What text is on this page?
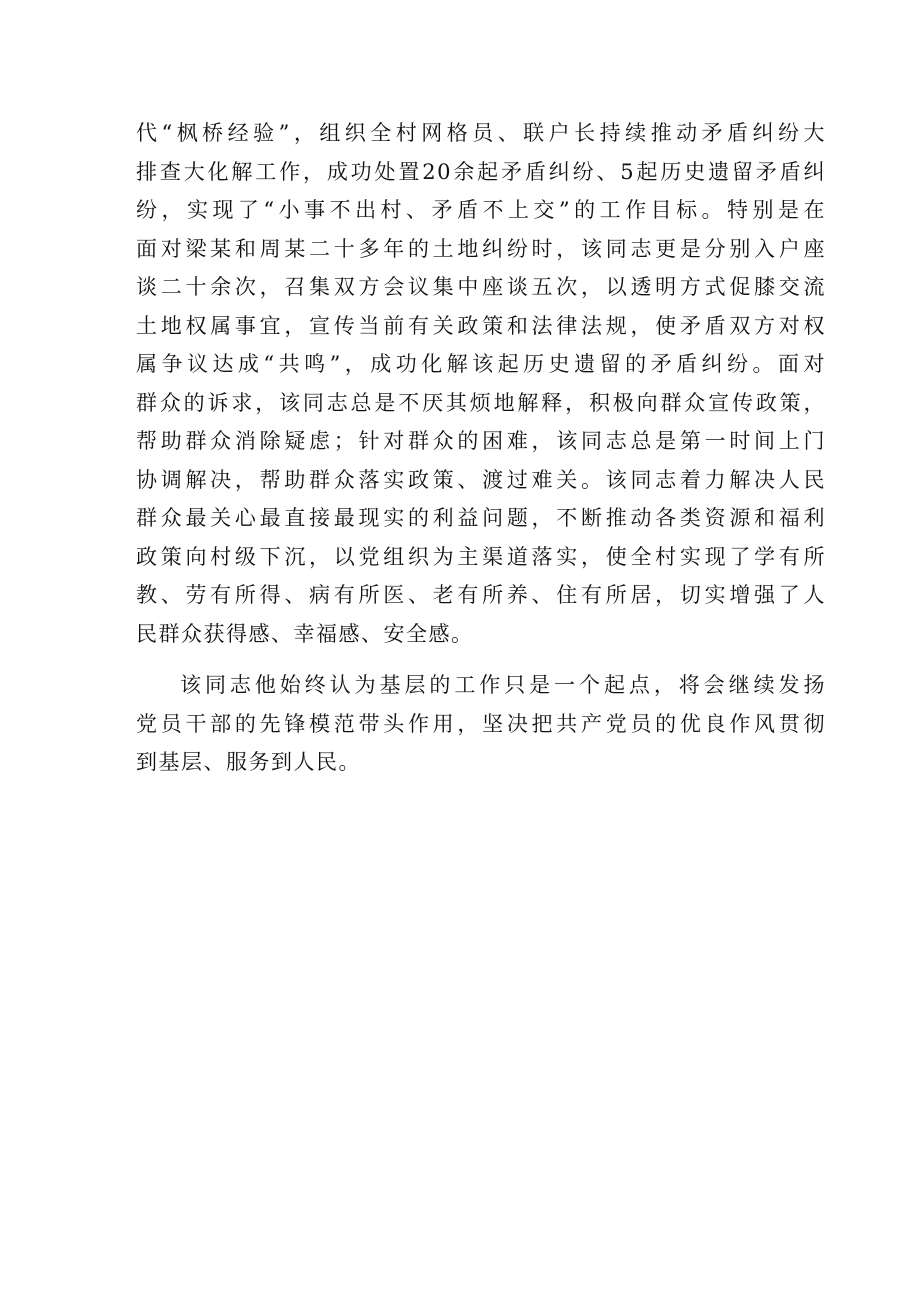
代“枫桥经验”，组织全村网格员、联户长持续推动矛盾纠纷大
排查大化解工作，成功处置20余起矛盾纠纷、5起历史遗留矛盾纠
纷，实现了“小事不出村、矛盾不上交”的工作目标。特别是在
面对梁某和周某二十多年的土地纠纷时，该同志更是分别入户座
谈二十余次，召集双方会议集中座谈五次，以透明方式促膝交流
土地权属事宜，宣传当前有关政策和法律法规，使矛盾双方对权
属争议达成“共鸣”，成功化解该起历史遗留的矛盾纠纷。面对
群众的诉求，该同志总是不厌其烦地解释，积极向群众宣传政策，
帮助群众消除疑虑；针对群众的困难，该同志总是第一时间上门
协调解决，帮助群众落实政策、渡过难关。该同志着力解决人民
群众最关心最直接最现实的利益问题，不断推动各类资源和福利
政策向村级下沉，以党组织为主渠道落实，使全村实现了学有所
教、劳有所得、病有所医、老有所养、住有所居，切实增强了人
民群众获得感、幸福感、安全感。
该同志他始终认为基层的工作只是一个起点，将会继续发扬
党员干部的先锋模范带头作用，坚决把共产党员的优良作风贯彻
到基层、服务到人民。
